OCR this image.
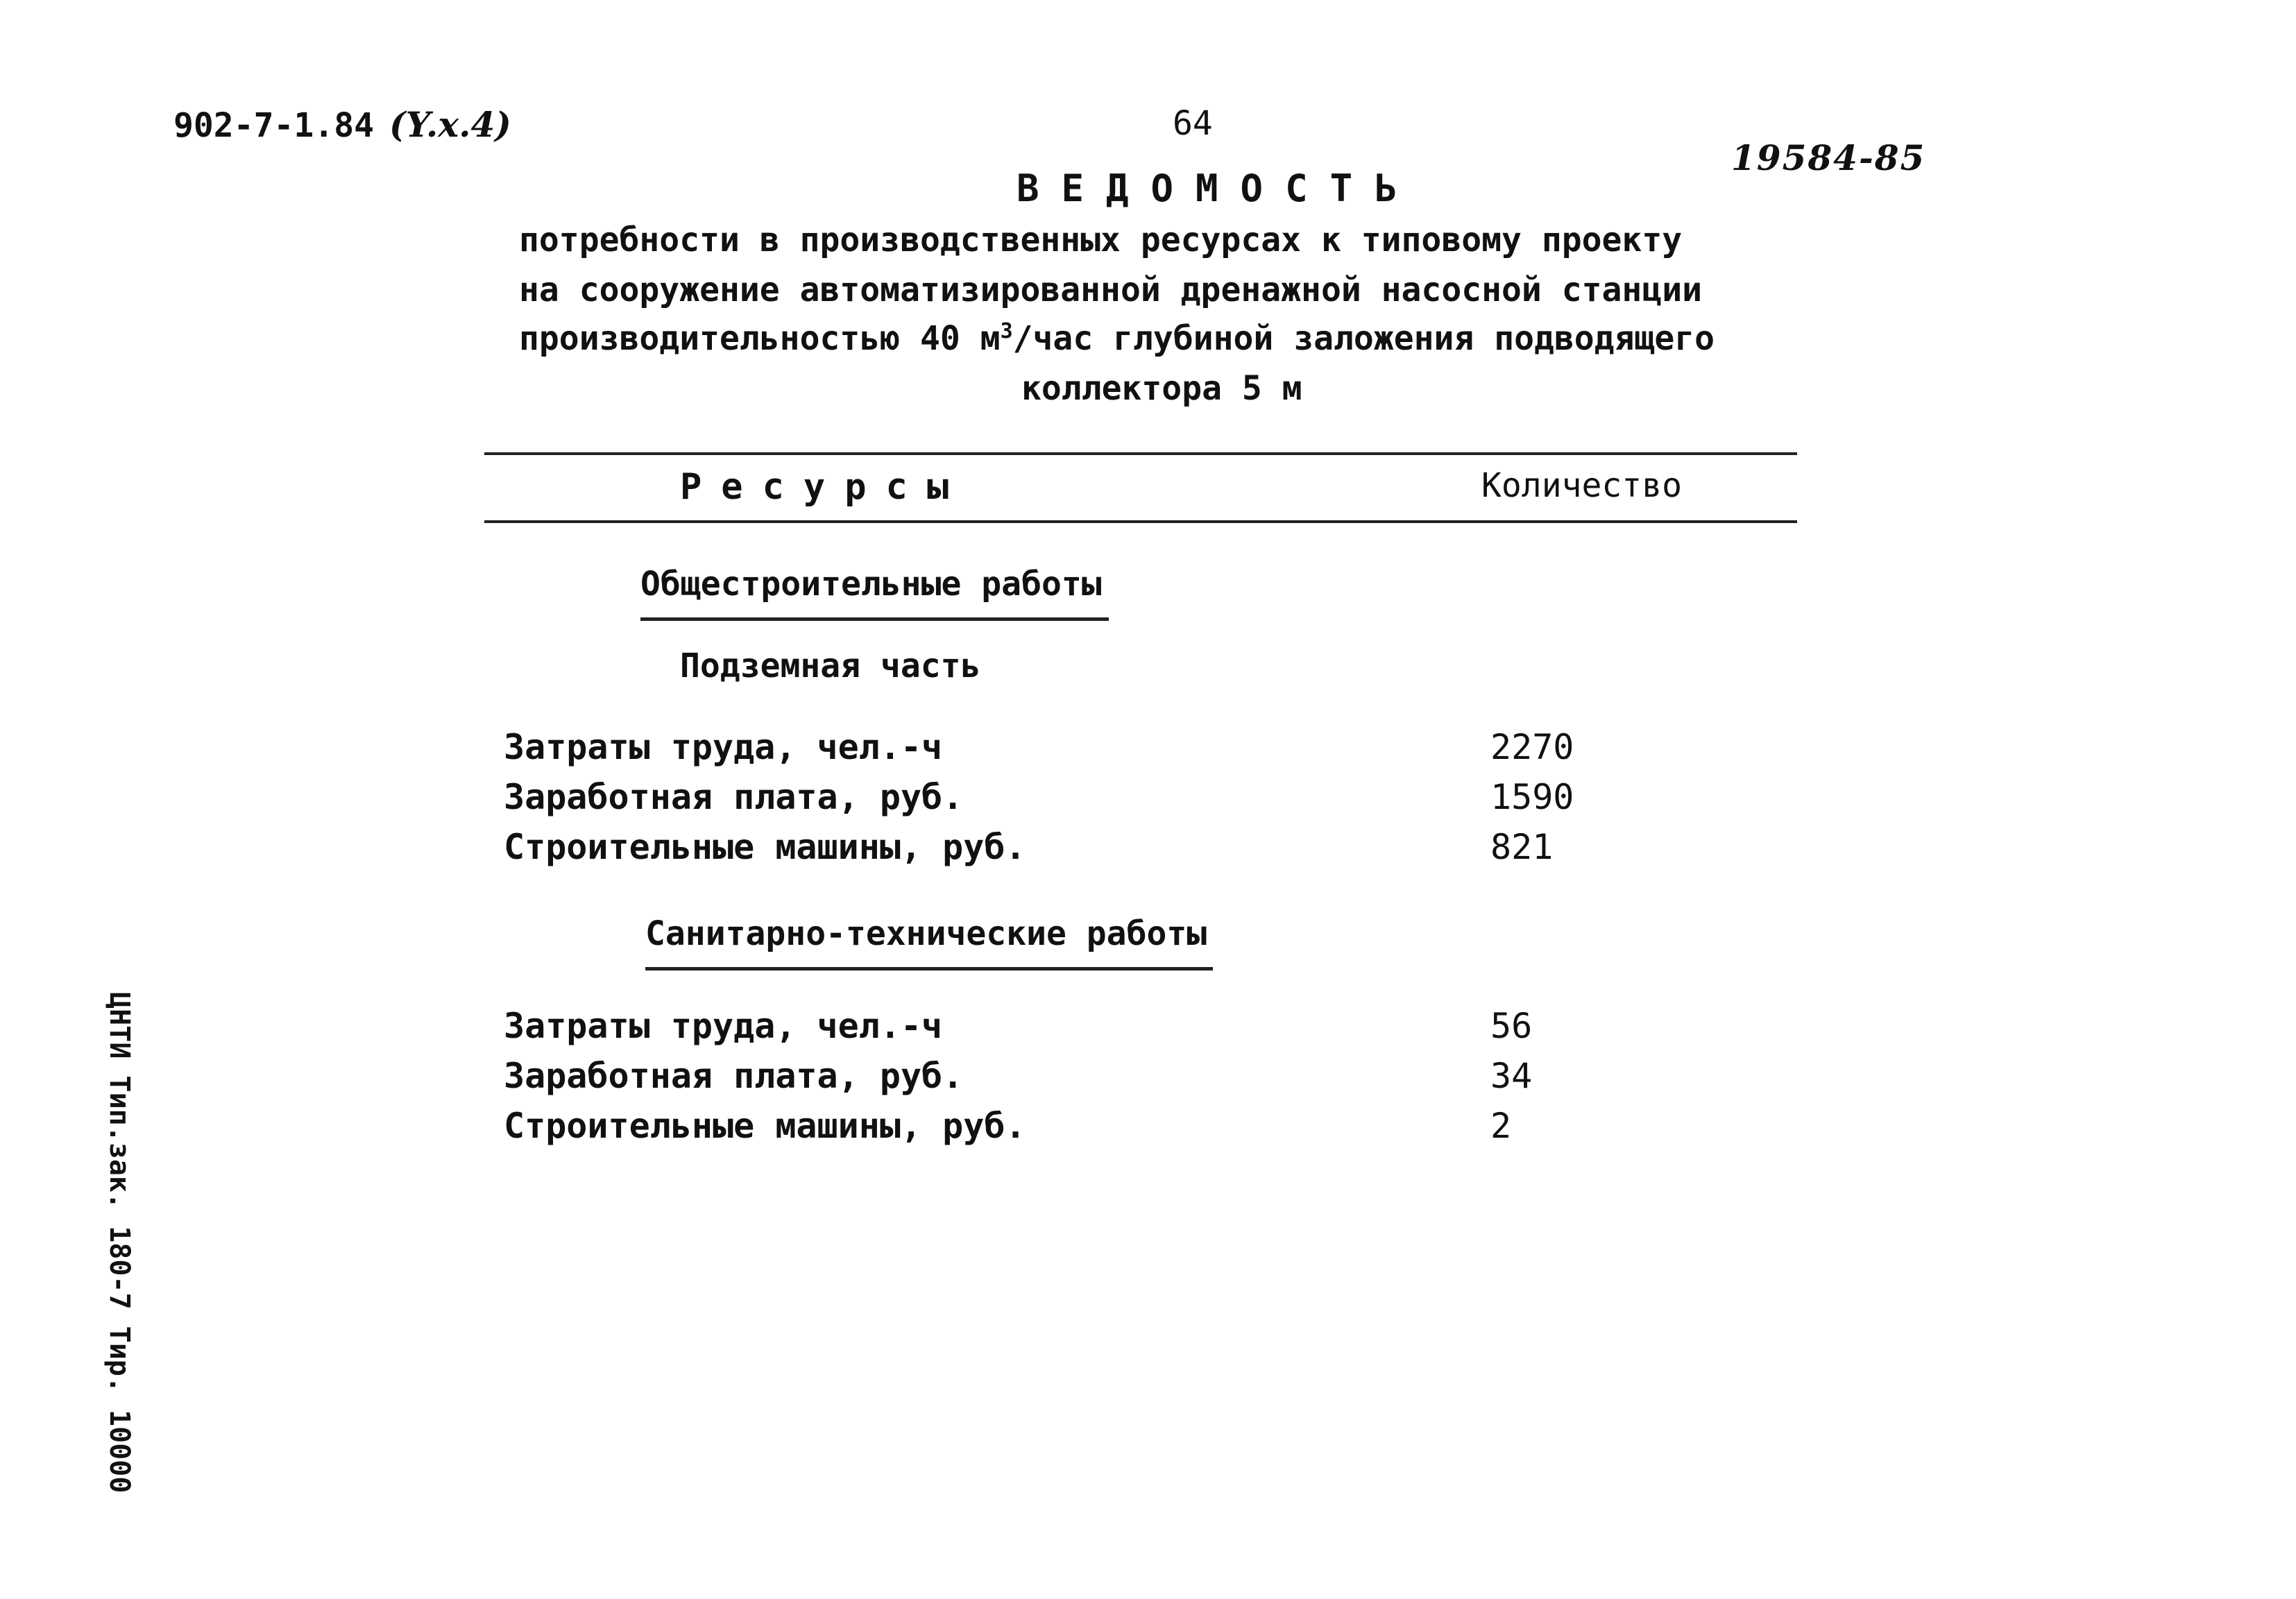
902-7-1.84 (Y.x.4)	64
19584-85
ВЕДОМОСТЬ
потребности в производственных ресурсах к типовому проекту
на сооружение автоматизированной дренажной насосной станции
производительностью 40 $м^3$/час глубиной заложения подводящего
коллектора 5 м
Ресурсы	Количество
Общестроительные работы
Подземная часть
Затраты труда, чел.-ч	2270
Заработная плата, руб.	1590
Строительные машины, руб.	821
Санитарно-технические работы
Затраты труда, чел.-ч	56
Заработная плата, руб.	34
Строительные машины, руб.	2
ЦНТИ Тип.зак. 180-7 Тир. 10000
